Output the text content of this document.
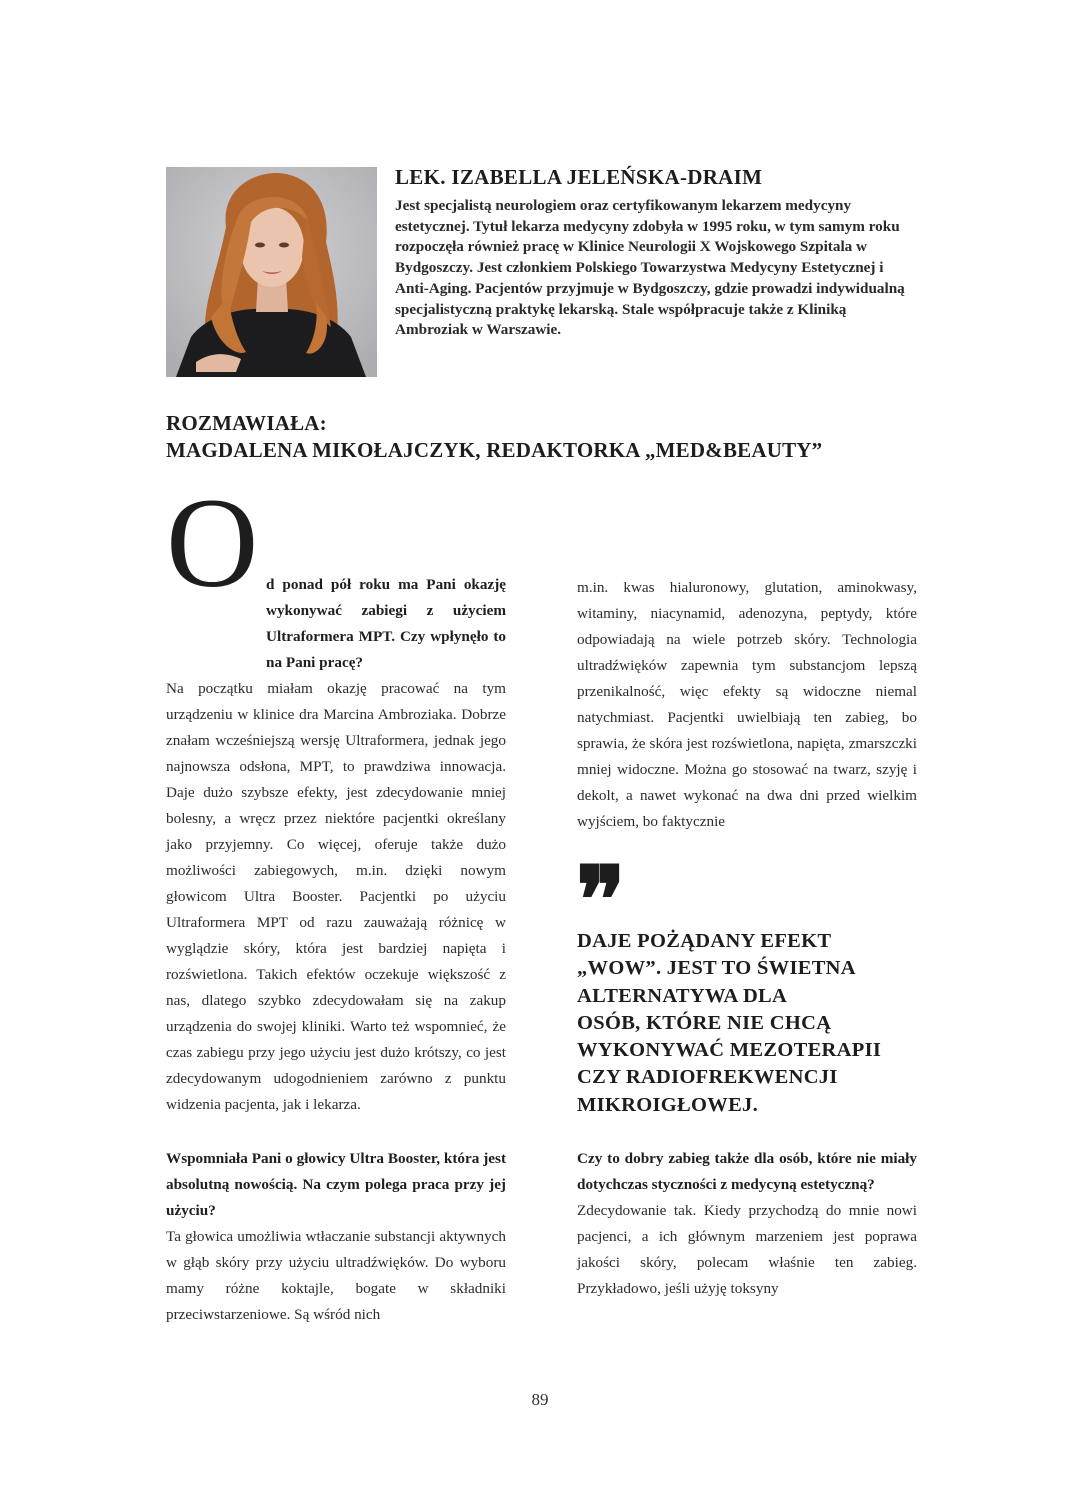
LEK. IZABELLA JELEŃSKA-DRAIM
Jest specjalistą neurologiem oraz certyfikowanym lekarzem medycyny estetycznej. Tytuł lekarza medycyny zdobyła w 1995 roku, w tym samym roku rozpoczęła również pracę w Klinice Neurologii X Wojskowego Szpitala w Bydgoszczy. Jest członkiem Polskiego Towarzystwa Medycyny Estetycznej i Anti-Aging. Pacjentów przyjmuje w Bydgoszczy, gdzie prowadzi indywidualną specjalistyczną praktykę lekarską. Stale współpracuje także z Kliniką Ambroziak w Warszawie.
ROZMAWIAŁA:
MAGDALENA MIKOŁAJCZYK, REDAKTORKA „MED&BEAUTY”
O d ponad pół roku ma Pani okazję wykonywać zabiegi z użyciem Ultraformera MPT. Czy wpłynęło to na Pani pracę?
Na początku miałam okazję pracować na tym urządzeniu w klinice dra Marcina Ambroziaka. Dobrze znałam wcześniejszą wersję Ultraformera, jednak jego najnowsza odsłona, MPT, to prawdziwa innowacja. Daje dużo szybsze efekty, jest zdecydowanie mniej bolesny, a wręcz przez niektóre pacjentki określany jako przyjemny. Co więcej, oferuje także dużo możliwości zabiegowych, m.in. dzięki nowym głowicom Ultra Booster. Pacjentki po użyciu Ultraformera MPT od razu zauważają różnicę w wyglądzie skóry, która jest bardziej napięta i rozświetlona. Takich efektów oczekuje większość z nas, dlatego szybko zdecydowałam się na zakup urządzenia do swojej kliniki. Warto też wspomnieć, że czas zabiegu przy jego użyciu jest dużo krótszy, co jest zdecydowanym udogodnieniem zarówno z punktu widzenia pacjenta, jak i lekarza.
Wspomniała Pani o głowicy Ultra Booster, która jest absolutną nowością. Na czym polega praca przy jej użyciu?
Ta głowica umożliwia wtłaczanie substancji aktywnych w głąb skóry przy użyciu ultradźwięków. Do wyboru mamy różne koktajle, bogate w składniki przeciwstarzeniowe. Są wśród nich
m.in. kwas hialuronowy, glutation, aminokwasy, witaminy, niacynamid, adenozyna, peptydy, które odpowiadają na wiele potrzeb skóry. Technologia ultradźwięków zapewnia tym substancjom lepszą przenikalność, więc efekty są widoczne niemal natychmiast. Pacjentki uwielbiają ten zabieg, bo sprawia, że skóra jest rozświetlona, napięta, zmarszczki mniej widoczne. Można go stosować na twarz, szyję i dekolt, a nawet wykonać na dwa dni przed wielkim wyjściem, bo faktycznie
❞
DAJE POŻĄDANY EFEKT
„WOW”. JEST TO ŚWIETNA
ALTERNATYWA DLA
OSÓB, KTÓRE NIE CHCĄ
WYKONYWAĆ MEZOTERAPII
CZY RADIOFREKWENCJI
MIKROIGŁOWEJ.
Czy to dobry zabieg także dla osób, które nie miały dotychczas styczności z medycyną estetyczną?
Zdecydowanie tak. Kiedy przychodzą do mnie nowi pacjenci, a ich głównym marzeniem jest poprawa jakości skóry, polecam właśnie ten zabieg. Przykładowo, jeśli użyję toksyny
89
